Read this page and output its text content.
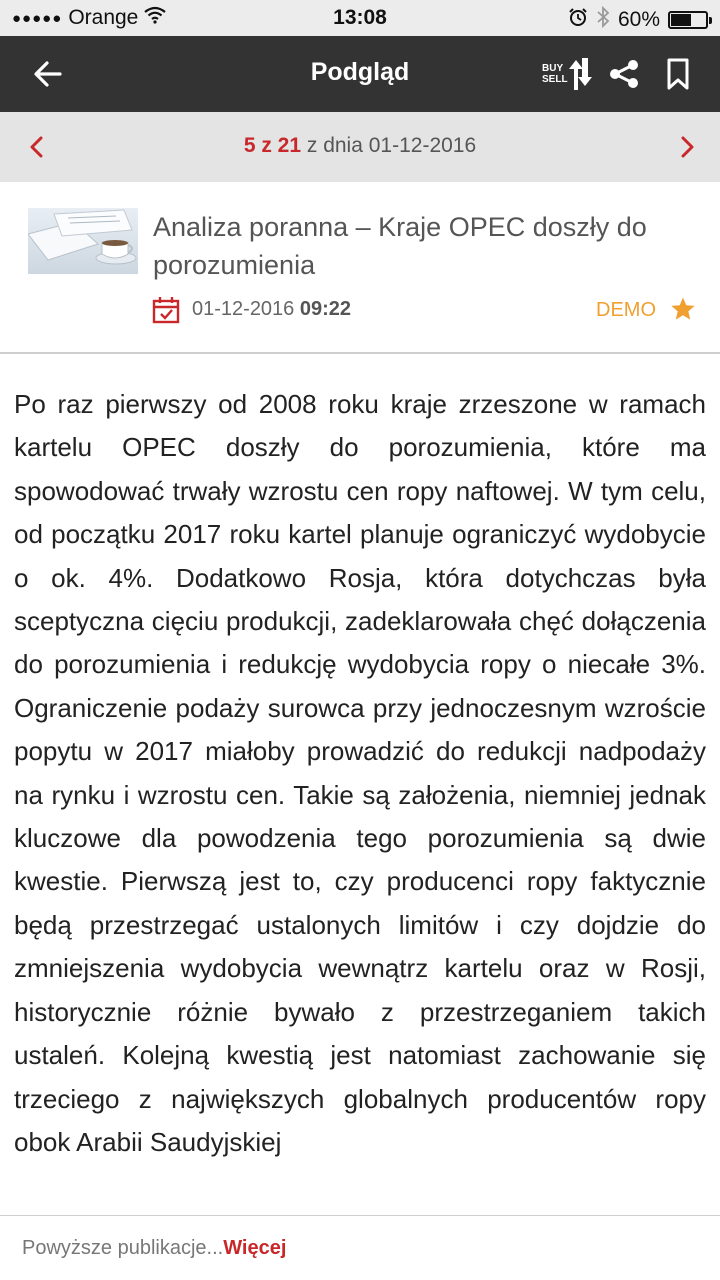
●●●●● Orange	13:08	60%
Podgląd	BUY
SELL
5 z 21 z dnia 01-12-2016
Analiza poranna – Kraje OPEC doszły do porozumienia
01-12-2016 09:22	DEMO
Po raz pierwszy od 2008 roku kraje zrzeszone w ramach kartelu OPEC doszły do porozumienia, które ma spowodować trwały wzrostu cen ropy naftowej. W tym celu, od początku 2017 roku kartel planuje ograniczyć wydobycie o ok. 4%. Dodatkowo Rosja, która dotychczas była sceptyczna cięciu produkcji, zadeklarowała chęć dołączenia do porozumienia i redukcję wydobycia ropy o niecałe 3%. Ograniczenie podaży surowca przy jednoczesnym wzroście popytu w 2017 miałoby prowadzić do redukcji nadpodaży na rynku i wzrostu cen. Takie są założenia, niemniej jednak kluczowe dla powodzenia tego porozumienia są dwie kwestie. Pierwszą jest to, czy producenci ropy faktycznie będą przestrzegać ustalonych limitów i czy dojdzie do zmniejszenia wydobycia wewnątrz kartelu oraz w Rosji, historycznie różnie bywało z przestrzeganiem takich ustaleń. Kolejną kwestią jest natomiast zachowanie się trzeciego z największych globalnych producentów ropy obok Arabii Saudyjskiej
Powyższe publikacje...Więcej
